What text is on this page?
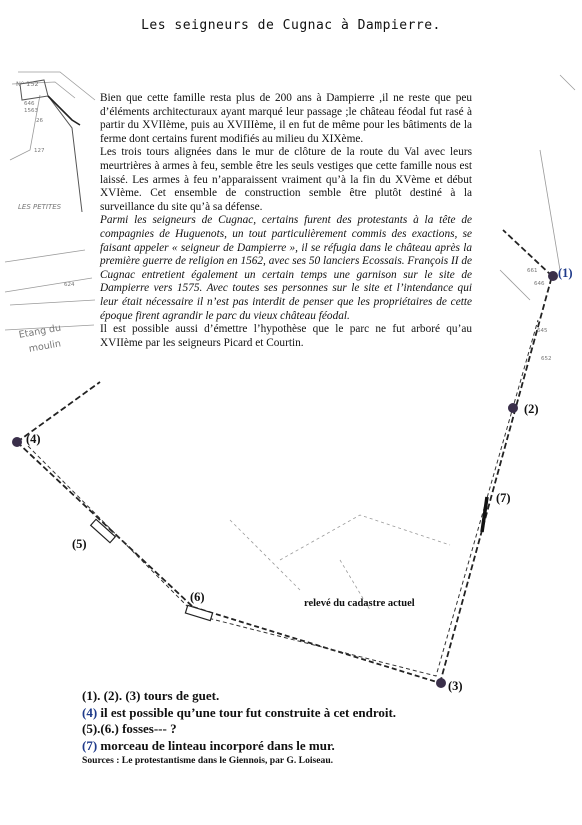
Les seigneurs de Cugnac à Dampierre.
N° 152
646
1563
26
127
LES PETITES
624
Etang du
moulin
661
646
645
652

Bien que cette famille resta plus de 200 ans à Dampierre ,il ne reste que peu d’éléments architecturaux ayant marqué leur passage ;le château féodal fut rasé à partir du XVIIème, puis au XVIIIème, il en fut de même pour les bâtiments de la ferme dont certains furent modifiés au milieu du XIXème.

Les trois tours alignées dans le mur de clôture de la route du Val avec leurs meurtrières à armes à feu, semble être les seuls vestiges que cette famille nous est laissé. Les armes à feu n’apparaissent vraiment qu’à la fin du XVème et début XVIème. Cet ensemble de construction semble être plutôt destiné à la surveillance du site qu’à sa défense.

Parmi les seigneurs de Cugnac, certains furent des protestants à la tête de compagnies de Huguenots, un tout particulièrement commis des exactions, se faisant appeler « seigneur de Dampierre », il se réfugia dans le château après la première guerre de religion en 1562, avec ses 50 lanciers Ecossais. François II de Cugnac entretient également un certain temps une garnison sur le site de Dampierre vers 1575. Avec toutes ses personnes sur le site et l’intendance qui leur était nécessaire il n’est pas interdit de penser que les propriétaires de cette époque firent agrandir le parc du vieux château féodal.

Il est possible aussi d’émettre l’hypothèse que le parc ne fut arboré qu’au XVIIème par les seigneurs Picard et Courtin.

(1)
(2)
(3)
(4)
(5)
(6)
(7)
relevé du cadastre actuel
(1). (2). (3) tours de guet.
(4) il est possible qu’une tour fut construite à cet endroit.
(5).(6.) fosses--- ?
(7) morceau de linteau incorporé dans le mur.
Sources : Le protestantisme dans le Giennois, par G. Loiseau.
